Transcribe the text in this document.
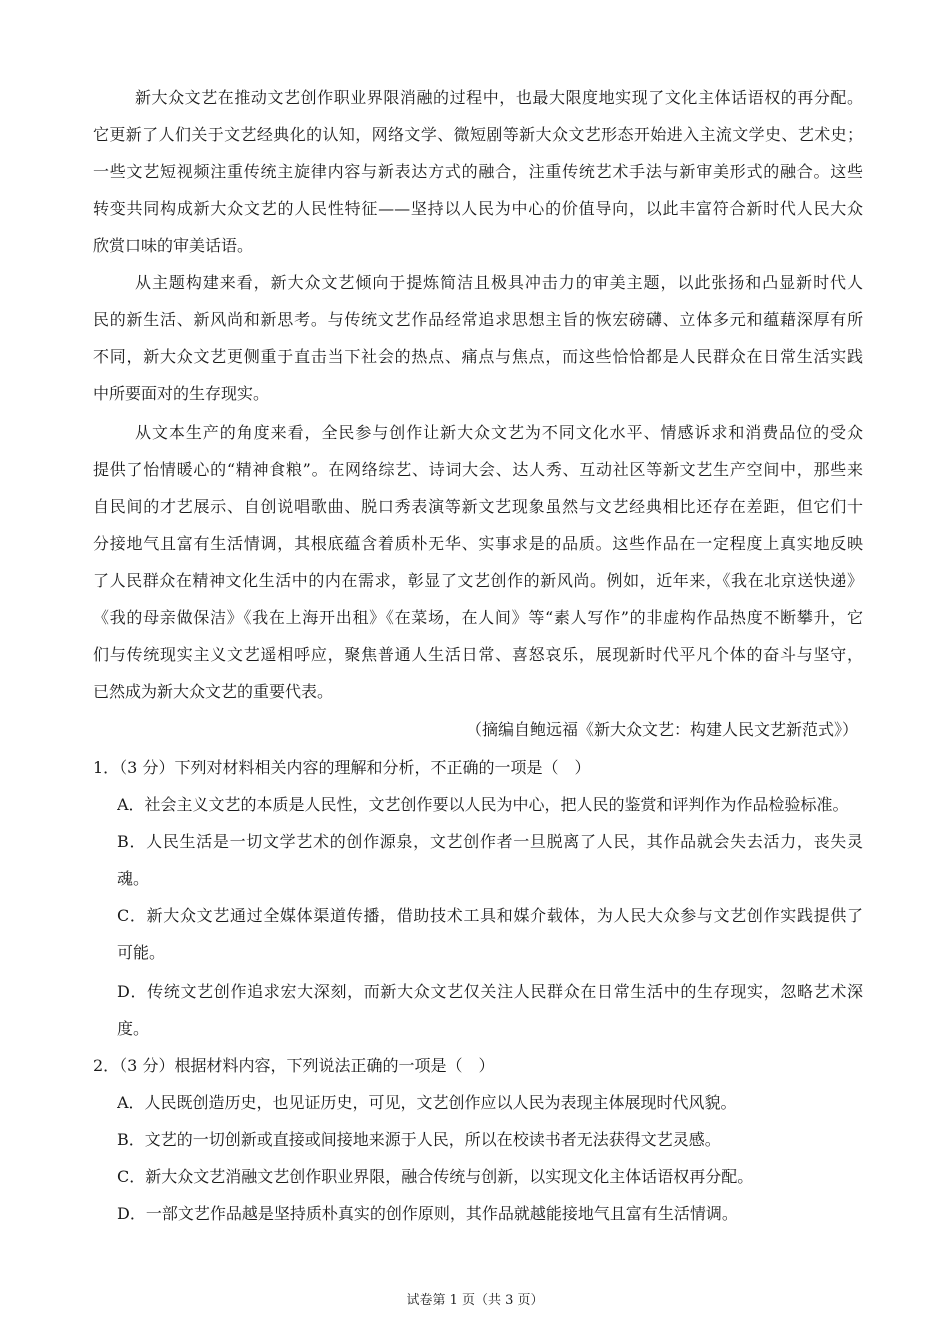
新大众文艺在推动文艺创作职业界限消融的过程中，也最大限度地实现了文化主体话语权的再分配。
它更新了人们关于文艺经典化的认知，网络文学、微短剧等新大众文艺形态开始进入主流文学史、艺术史；
一些文艺短视频注重传统主旋律内容与新表达方式的融合，注重传统艺术手法与新审美形式的融合。这些
转变共同构成新大众文艺的人民性特征——坚持以人民为中心的价值导向，以此丰富符合新时代人民大众
欣赏口味的审美话语。
从主题构建来看，新大众文艺倾向于提炼简洁且极具冲击力的审美主题，以此张扬和凸显新时代人
民的新生活、新风尚和新思考。与传统文艺作品经常追求思想主旨的恢宏磅礴、立体多元和蕴藉深厚有所
不同，新大众文艺更侧重于直击当下社会的热点、痛点与焦点，而这些恰恰都是人民群众在日常生活实践
中所要面对的生存现实。
从文本生产的角度来看，全民参与创作让新大众文艺为不同文化水平、情感诉求和消费品位的受众
提供了怡情暖心的“精神食粮”。在网络综艺、诗词大会、达人秀、互动社区等新文艺生产空间中，那些来
自民间的才艺展示、自创说唱歌曲、脱口秀表演等新文艺现象虽然与文艺经典相比还存在差距，但它们十
分接地气且富有生活情调，其根底蕴含着质朴无华、实事求是的品质。这些作品在一定程度上真实地反映
了人民群众在精神文化生活中的内在需求，彰显了文艺创作的新风尚。例如，近年来，《我在北京送快递》
《我的母亲做保洁》《我在上海开出租》《在菜场，在人间》等“素人写作”的非虚构作品热度不断攀升，它
们与传统现实主义文艺遥相呼应，聚焦普通人生活日常、喜怒哀乐，展现新时代平凡个体的奋斗与坚守，
已然成为新大众文艺的重要代表。
（摘编自鲍远福《新大众文艺：构建人民文艺新范式》）
1．（3 分）下列对材料相关内容的理解和分析，不正确的一项是（　）
A．社会主义文艺的本质是人民性，文艺创作要以人民为中心，把人民的鉴赏和评判作为作品检验标准。
B．人民生活是一切文学艺术的创作源泉，文艺创作者一旦脱离了人民，其作品就会失去活力，丧失灵
魂。
C．新大众文艺通过全媒体渠道传播，借助技术工具和媒介载体，为人民大众参与文艺创作实践提供了
可能。
D．传统文艺创作追求宏大深刻，而新大众文艺仅关注人民群众在日常生活中的生存现实，忽略艺术深
度。
2．（3 分）根据材料内容，下列说法正确的一项是（　）
A．人民既创造历史，也见证历史，可见，文艺创作应以人民为表现主体展现时代风貌。
B．文艺的一切创新或直接或间接地来源于人民，所以在校读书者无法获得文艺灵感。
C．新大众文艺消融文艺创作职业界限，融合传统与创新，以实现文化主体话语权再分配。
D．一部文艺作品越是坚持质朴真实的创作原则，其作品就越能接地气且富有生活情调。
试卷第 1 页（共 3 页）
